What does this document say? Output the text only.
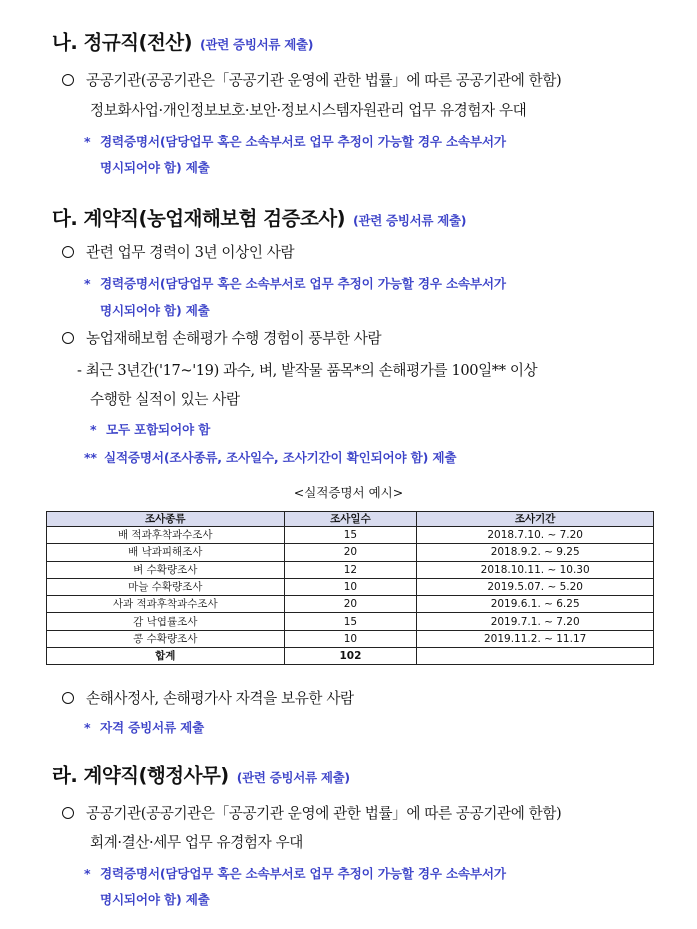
나. 정규직(전산) (관련 증빙서류 제출)
공공기관(공공기관은「공공기관 운영에 관한 법률」에 따른 공공기관에 한함)
정보화사업·개인정보보호·보안·정보시스템자원관리 업무 유경험자 우대
* 경력증명서(담당업무 혹은 소속부서로 업무 추정이 가능할 경우 소속부서가
명시되어야 함) 제출
다. 계약직(농업재해보험 검증조사) (관련 증빙서류 제출)
관련 업무 경력이 3년 이상인 사람
* 경력증명서(담당업무 혹은 소속부서로 업무 추정이 가능할 경우 소속부서가
명시되어야 함) 제출
농업재해보험 손해평가 수행 경험이 풍부한 사람
- 최근 3년간('17~'19) 과수, 벼, 밭작물 품목*의 손해평가를 100일** 이상
수행한 실적이 있는 사람
* 모두 포함되어야 함
** 실적증명서(조사종류, 조사일수, 조사기간이 확인되어야 함) 제출
<실적증명서 예시>
조사종류	조사일수	조사기간
배 적과후착과수조사	15	2018.7.10. ~ 7.20
배 낙과피해조사	20	2018.9.2. ~ 9.25
벼 수확량조사	12	2018.10.11. ~ 10.30
마늘 수확량조사	10	2019.5.07. ~ 5.20
사과 적과후착과수조사	20	2019.6.1. ~ 6.25
감 낙엽률조사	15	2019.7.1. ~ 7.20
콩 수확량조사	10	2019.11.2. ~ 11.17
합계	102	
손해사정사, 손해평가사 자격을 보유한 사람
* 자격 증빙서류 제출
라. 계약직(행정사무) (관련 증빙서류 제출)
공공기관(공공기관은「공공기관 운영에 관한 법률」에 따른 공공기관에 한함)
회계·결산·세무 업무 유경험자 우대
* 경력증명서(담당업무 혹은 소속부서로 업무 추정이 가능할 경우 소속부서가
명시되어야 함) 제출
